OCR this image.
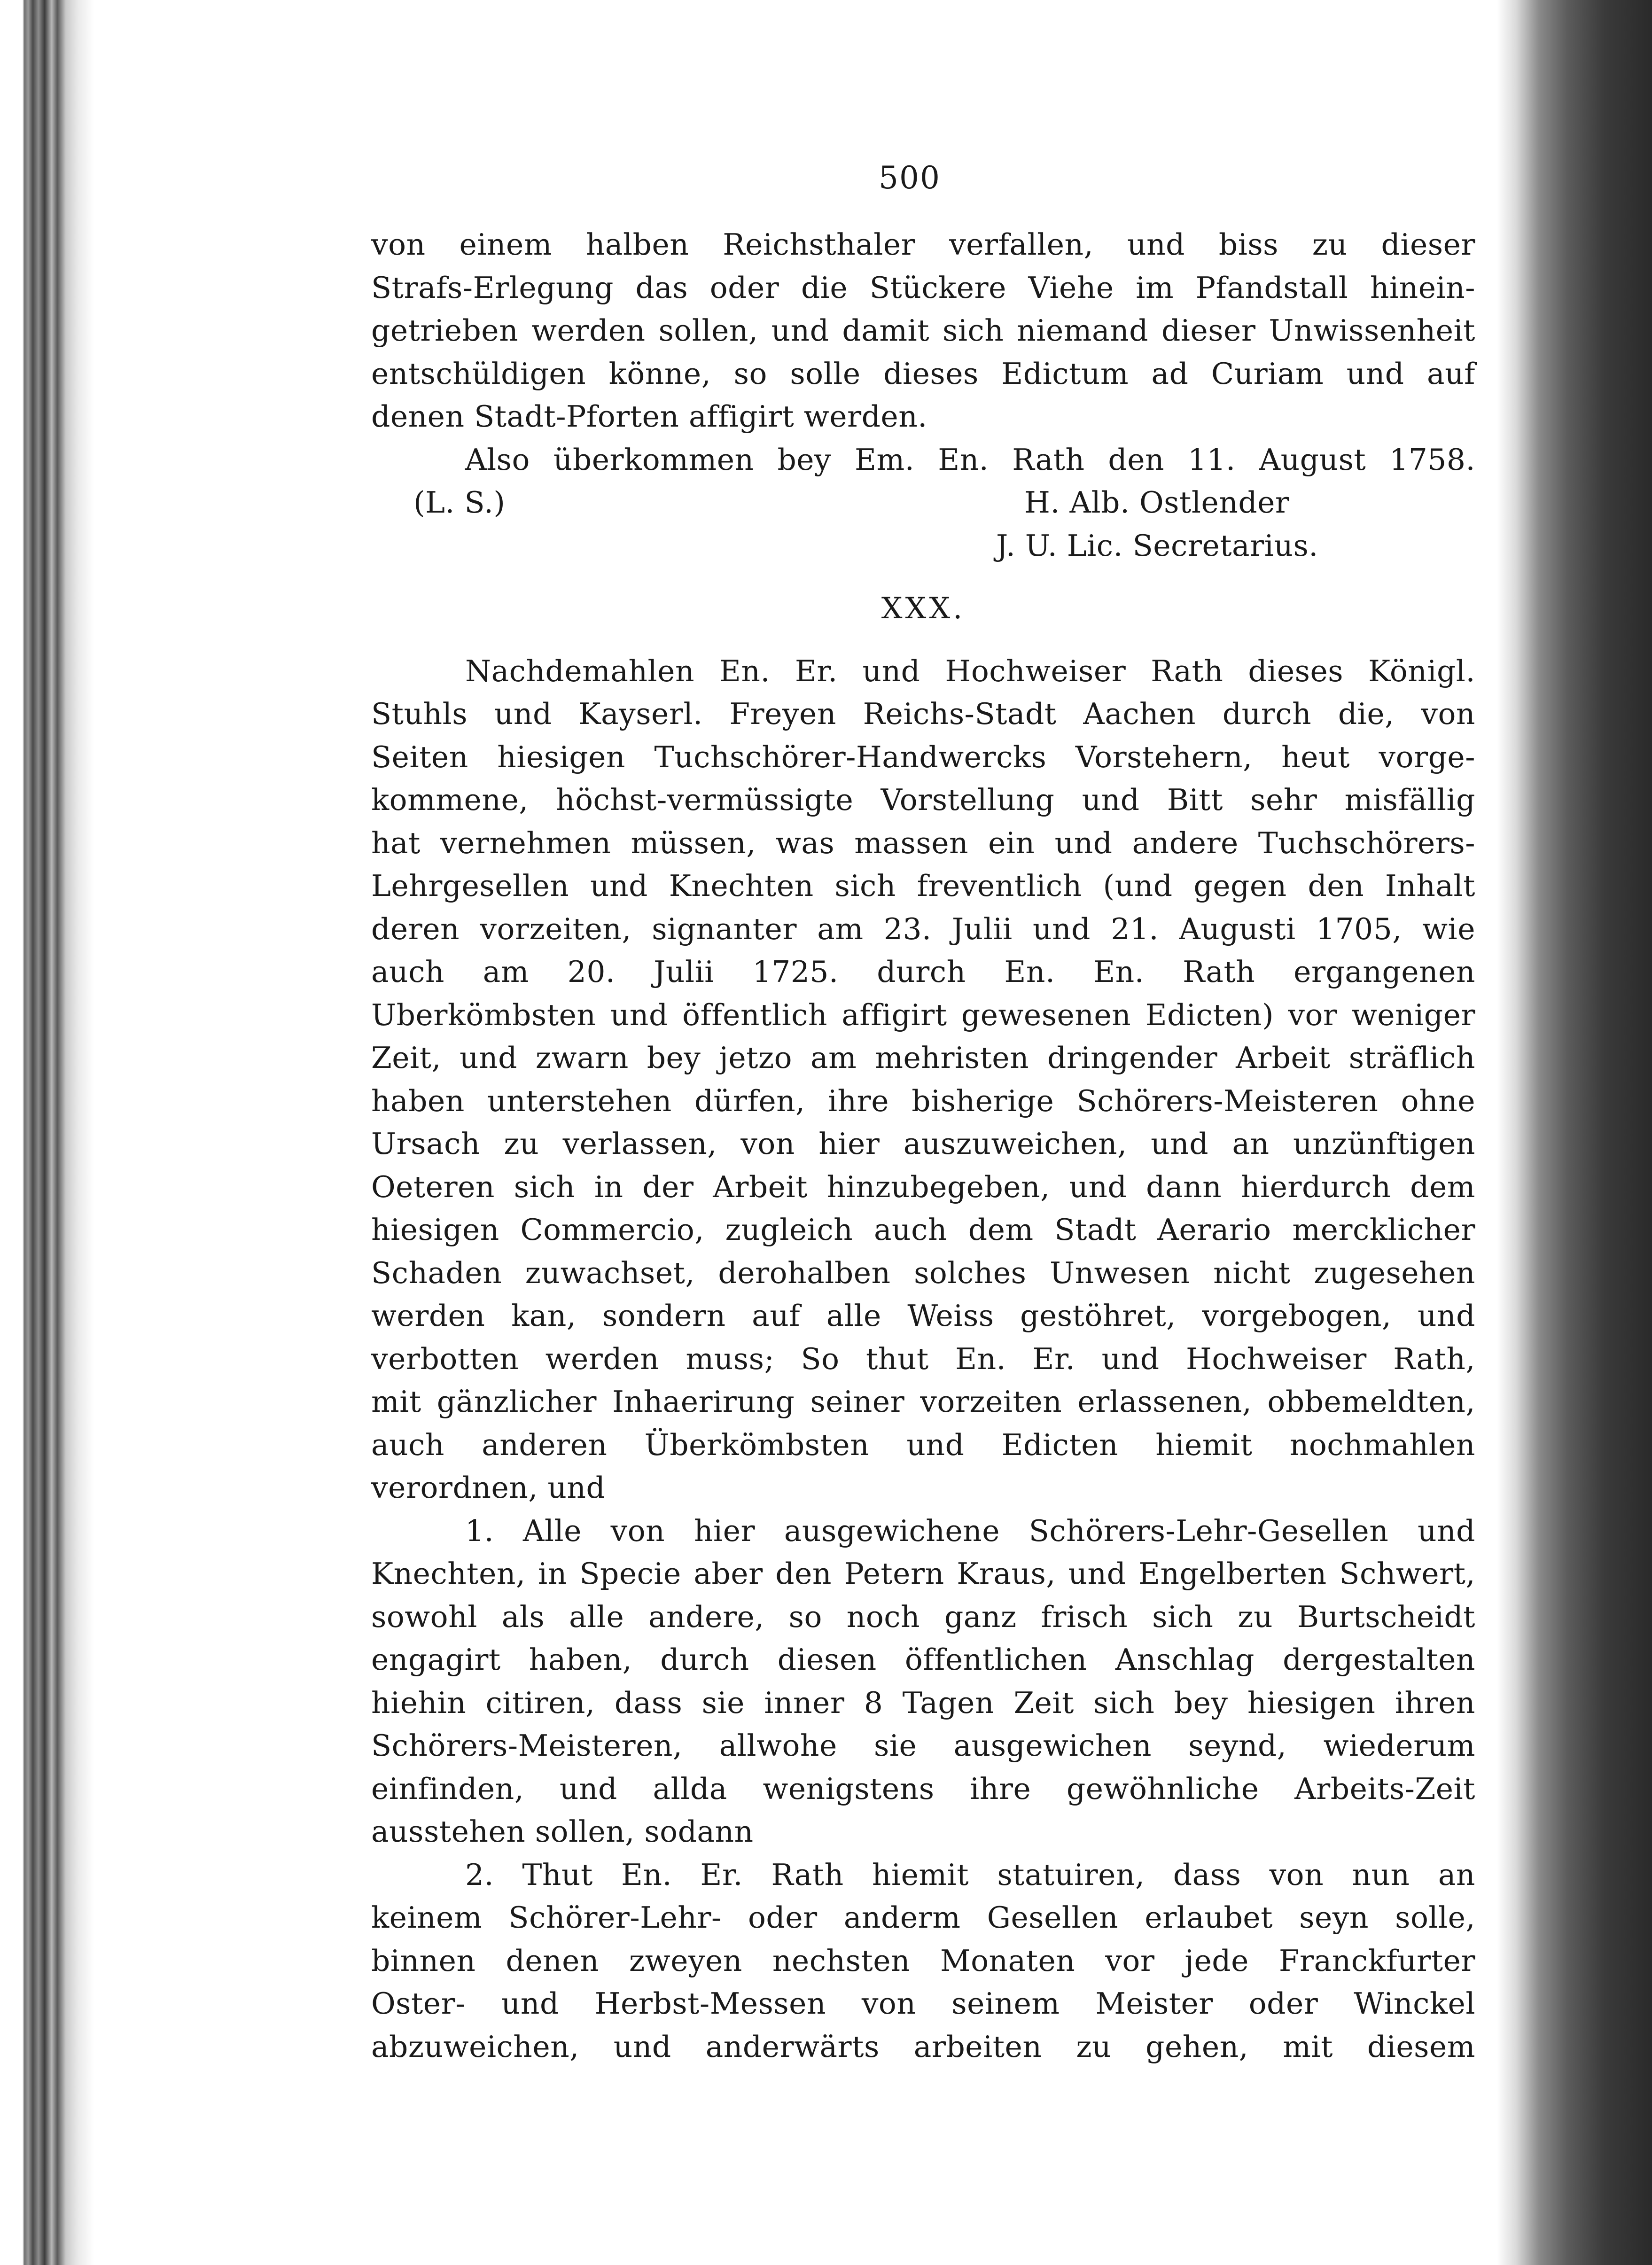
500
von einem halben Reichsthaler verfallen, und biss zu dieser
Strafs-Erlegung das oder die Stückere Viehe im Pfandstall hinein-
getrieben werden sollen, und damit sich niemand dieser Unwissenheit
entschüldigen könne, so solle dieses Edictum ad Curiam und auf
denen Stadt-Pforten affigirt werden.
Also überkommen bey Em. En. Rath den 11. August 1758.
(L. S.)	H. Alb. Ostlender
J. U. Lic. Secretarius.
XXX.
Nachdemahlen En. Er. und Hochweiser Rath dieses Königl.
Stuhls und Kayserl. Freyen Reichs-Stadt Aachen durch die, von
Seiten hiesigen Tuchschörer-Handwercks Vorstehern, heut vorge-
kommene, höchst-vermüssigte Vorstellung und Bitt sehr misfällig
hat vernehmen müssen, was massen ein und andere Tuchschörers-
Lehrgesellen und Knechten sich freventlich (und gegen den Inhalt
deren vorzeiten, signanter am 23. Julii und 21. Augusti 1705, wie
auch am 20. Julii 1725. durch En. En. Rath ergangenen
Uberkömbsten und öffentlich affigirt gewesenen Edicten) vor weniger
Zeit, und zwarn bey jetzo am mehristen dringender Arbeit sträflich
haben unterstehen dürfen, ihre bisherige Schörers-Meisteren ohne
Ursach zu verlassen, von hier auszuweichen, und an unzünftigen
Oeteren sich in der Arbeit hinzubegeben, und dann hierdurch dem
hiesigen Commercio, zugleich auch dem Stadt Aerario mercklicher
Schaden zuwachset, derohalben solches Unwesen nicht zugesehen
werden kan, sondern auf alle Weiss gestöhret, vorgebogen, und
verbotten werden muss; So thut En. Er. und Hochweiser Rath,
mit gänzlicher Inhaerirung seiner vorzeiten erlassenen, obbemeldten,
auch anderen Überkömbsten und Edicten hiemit nochmahlen
verordnen, und
1. Alle von hier ausgewichene Schörers-Lehr-Gesellen und
Knechten, in Specie aber den Petern Kraus, und Engelberten Schwert,
sowohl als alle andere, so noch ganz frisch sich zu Burtscheidt
engagirt haben, durch diesen öffentlichen Anschlag dergestalten
hiehin citiren, dass sie inner 8 Tagen Zeit sich bey hiesigen ihren
Schörers-Meisteren, allwohe sie ausgewichen seynd, wiederum
einfinden, und allda wenigstens ihre gewöhnliche Arbeits-Zeit
ausstehen sollen, sodann
2. Thut En. Er. Rath hiemit statuiren, dass von nun an
keinem Schörer-Lehr- oder anderm Gesellen erlaubet seyn solle,
binnen denen zweyen nechsten Monaten vor jede Franckfurter
Oster- und Herbst-Messen von seinem Meister oder Winckel
abzuweichen, und anderwärts arbeiten zu gehen, mit diesem
